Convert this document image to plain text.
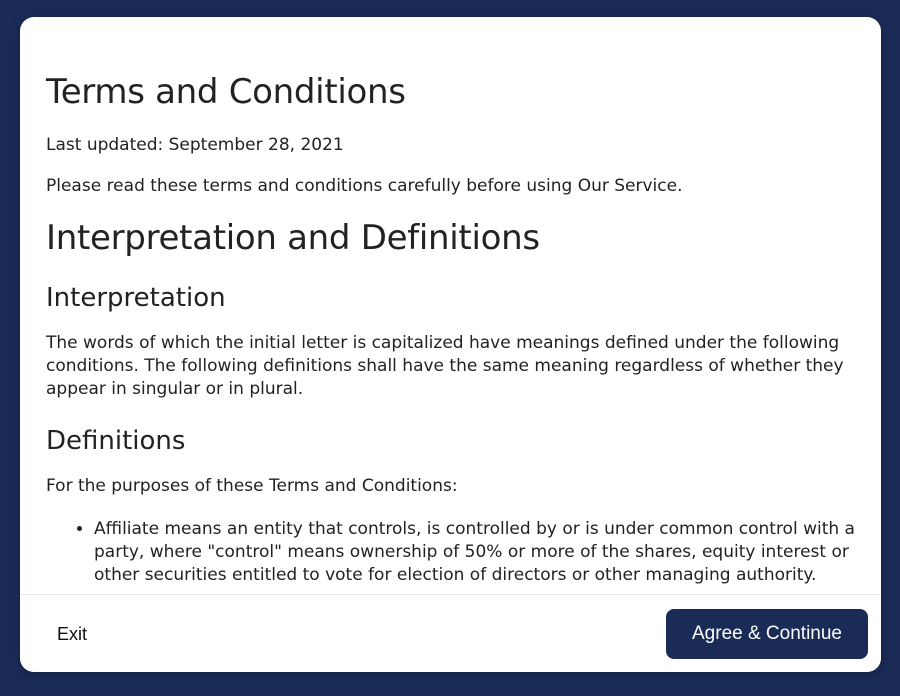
Terms and Conditions

Last updated: September 28, 2021

Please read these terms and conditions carefully before using Our Service.

Interpretation and Definitions
Interpretation

The words of which the initial letter is capitalized have meanings defined under the following conditions. The following definitions shall have the same meaning regardless of whether they appear in singular or in plural.

Definitions

For the purposes of these Terms and Conditions:

• Affiliate means an entity that controls, is controlled by or is under common control with a party, where "control" means ownership of 50% or more of the shares, equity interest or other securities entitled to vote for election of directors or other managing authority.
Exit	Agree & Continue
